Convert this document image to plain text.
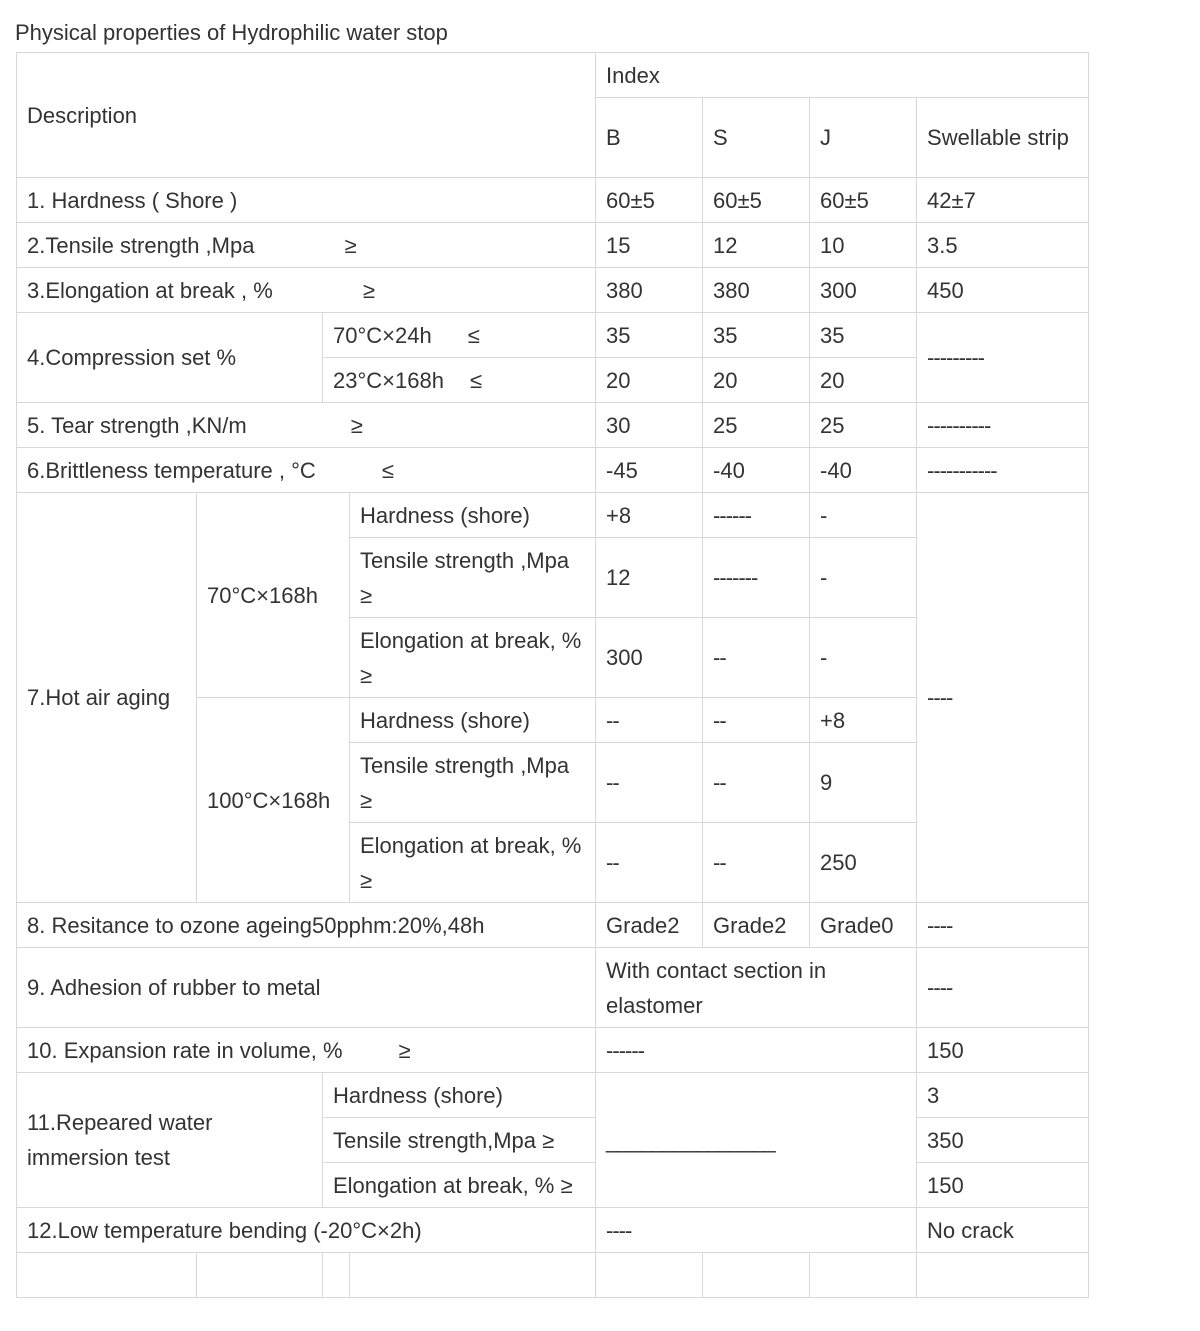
Physical properties of Hydrophilic water stop
Description				Index			
				B	S	J	Swellable strip
1. Hardness ( Shore )				60±5	60±5	60±5	42±7
2.Tensile strength ,Mpa ≥				15	12	10	3.5
3.Elongation at break , % ≥				380	380	300	450
4.Compression set %		70°C×24h ≤		35	35	35	---------
		23°C×168h ≤		20	20	20	
5. Tear strength ,KN/m ≥				30	25	25	----------
6.Brittleness temperature , °C ≤				-45	-40	-40	-----------
7.Hot air aging	70°C×168h		Hardness (shore)	+8	------	-	----
			Tensile strength ,Mpa ≥	12	-------	-	
			Elongation at break, % ≥	300	--	-	
	100°C×168h		Hardness (shore)	--	--	+8	
			Tensile strength ,Mpa ≥	--	--	9	
			Elongation at break, % ≥	--	--	250	
8. Resitance to ozone ageing50pphm:20%,48h				Grade2	Grade2	Grade0	----
9. Adhesion of rubber to metal				With contact section in elastomer			----
10. Expansion rate in volume, % ≥				------			150
11.Repeared water immersion test		Hardness (shore)		_______________			3
		Tensile strength,Mpa ≥					350
		Elongation at break, % ≥					150
12.Low temperature bending (-20°C×2h)				----			No crack
